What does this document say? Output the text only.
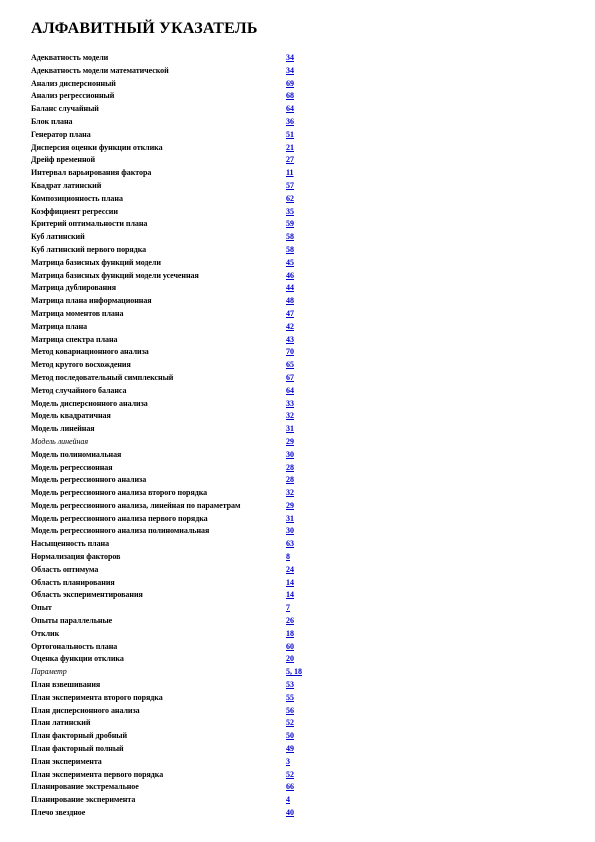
АЛФАВИТНЫЙ УКАЗАТЕЛЬ
Адекватность модели	34
Адекватность модели математической	34
Анализ дисперсионный	69
Анализ регрессионный	68
Баланс случайный	64
Блок плана	36
Генератор плана	51
Дисперсия оценки функции отклика	21
Дрейф временной	27
Интервал варьирования фактора	11
Квадрат латинский	57
Композиционность плана	62
Коэффициент регрессии	35
Критерий оптимальности плана	59
Куб латинский	58
Куб латинский первого порядка	58
Матрица базисных функций модели	45
Матрица базисных функций модели усеченная	46
Матрица дублирования	44
Матрица плана информационная	48
Матрица моментов плана	47
Матрица плана	42
Матрица спектра плана	43
Метод ковариационного анализа	70
Метод крутого восхождения	65
Метод последовательный симплексный	67
Метод случайного баланса	64
Модель дисперсионного анализа	33
Модель квадратичная	32
Модель линейная	31
Модель линейная	29
Модель полиномиальная	30
Модель регрессионная	28
Модель регрессионного анализа	28
Модель регрессионного анализа второго порядка	32
Модель регрессионного анализа, линейная по параметрам	29
Модель регрессионного анализа первого порядка	31
Модель регрессионного анализа полиномиальная	30
Насыщенность плана	63
Нормализация факторов	8
Область оптимума	24
Область планирования	14
Область экспериментирования	14
Опыт	7
Опыты параллельные	26
Отклик	18
Ортогональность плана	60
Оценка функции отклика	20
Параметр	5, 18
План взвешивания	53
План эксперимента второго порядка	55
План дисперсионного анализа	56
План латинский	52
План факторный дробный	50
План факторный полный	49
План эксперимента	3
План эксперимента первого порядка	52
Планирование экстремальное	66
Планирование эксперимента	4
Плечо звездное	40
